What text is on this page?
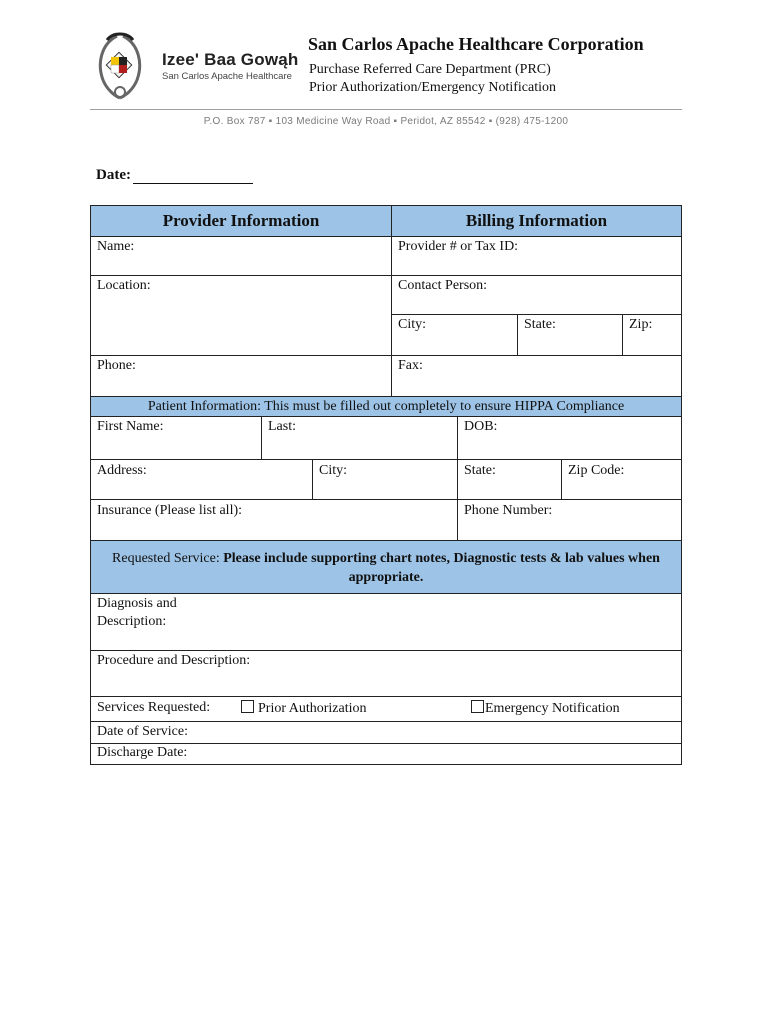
Izee' Baa Gowąh
San Carlos Apache Healthcare
San Carlos Apache Healthcare Corporation
Purchase Referred Care Department (PRC)
Prior Authorization/Emergency Notification
P.O. Box 787 ▪ 103 Medicine Way Road ▪ Peridot, AZ 85542 ▪ (928) 475-1200
Date:
Provider Information	Billing Information
Name:	Provider # or Tax ID:
Location:	Contact Person:
City:	State:	Zip:
Phone:	Fax:
Patient Information: This must be filled out completely to ensure HIPPA Compliance
First Name:	Last:	DOB:
Address:	City:	State:	Zip Code:
Insurance (Please list all):	Phone Number:
Requested Service: Please include supporting chart notes, Diagnostic tests & lab values when appropriate.
Diagnosis and
Description:
Procedure and Description:
Services Requested:	Prior Authorization	Emergency Notification
Date of Service:
Discharge Date:
